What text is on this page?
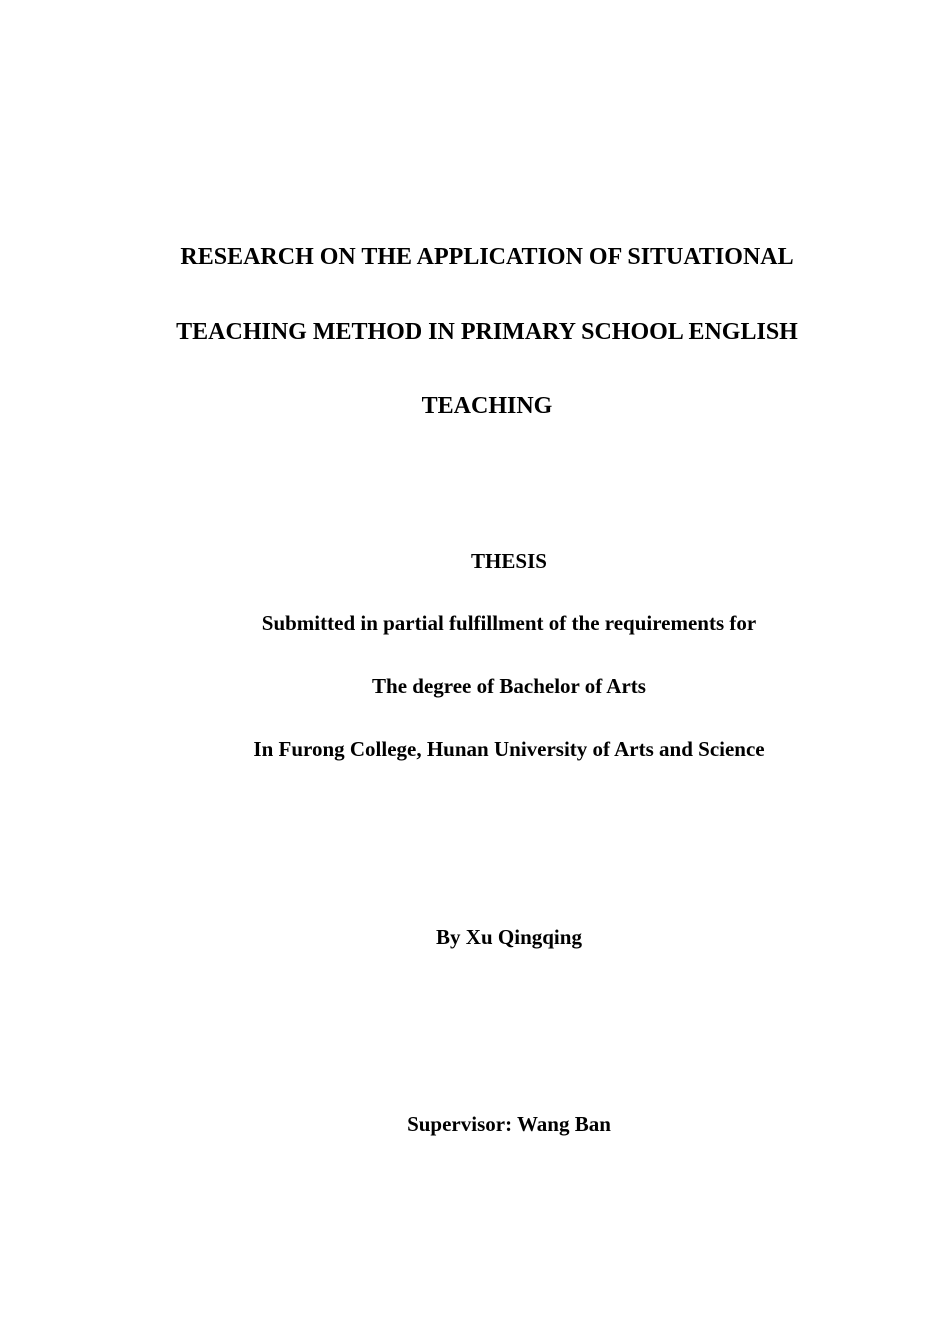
RESEARCH ON THE APPLICATION OF SITUATIONAL
TEACHING METHOD IN PRIMARY SCHOOL ENGLISH
TEACHING
THESIS
Submitted in partial fulfillment of the requirements for
The degree of Bachelor of Arts
In Furong College, Hunan University of Arts and Science
By Xu Qingqing
Supervisor: Wang Ban
